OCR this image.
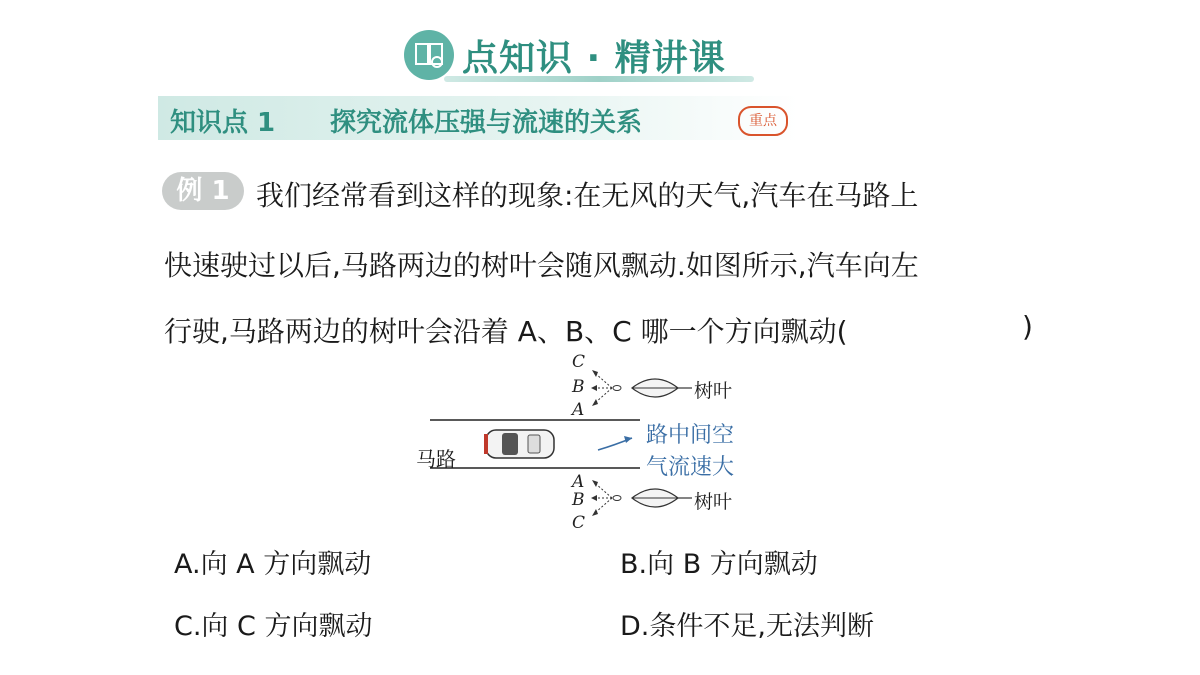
点知识 · 精讲课
知识点 1 探究流体压强与流速的关系	重点
例 1 我们经常看到这样的现象:在无风的天气,汽车在马路上
快速驶过以后,马路两边的树叶会随风飘动.如图所示,汽车向左
行驶,马路两边的树叶会沿着 A、B、C 哪一个方向飘动(	)
C
B
A
A
B
C
树叶
树叶
马路
路中间空
气流速大
A.向 A 方向飘动	B.向 B 方向飘动
C.向 C 方向飘动	D.条件不足,无法判断
